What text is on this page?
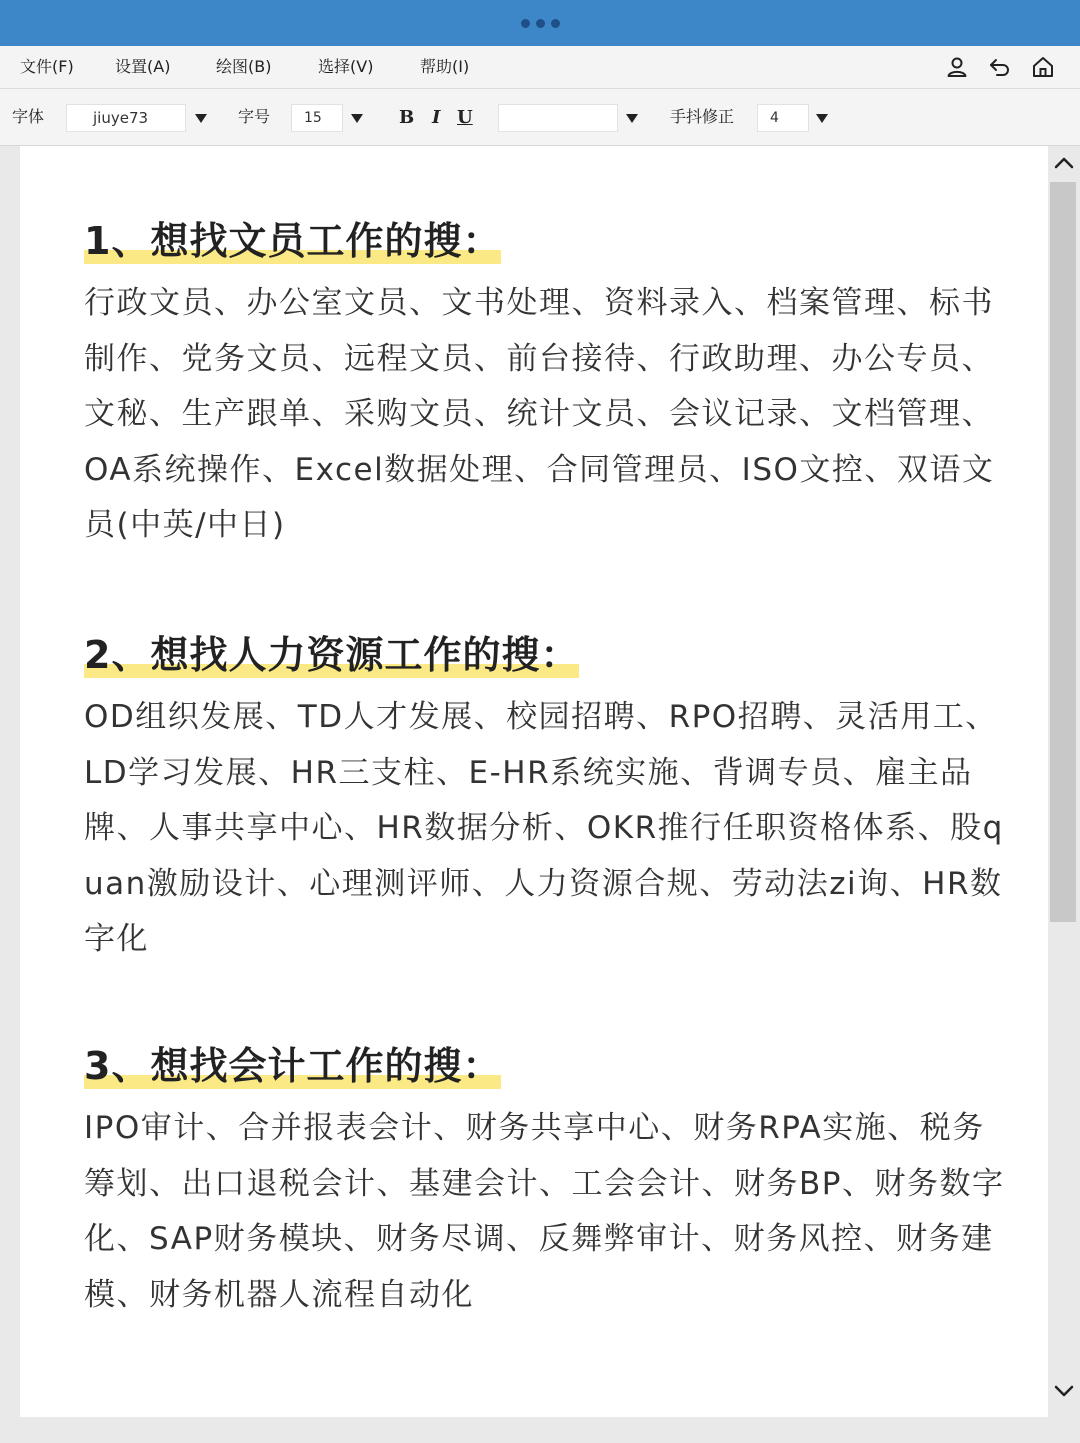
文件(F)	设置(A)	绘图(B)	选择(V)	帮助(I)
字体	jiuye73	字号	15	B I U	手抖修正	4
1、想找文员工作的搜：
行政文员、办公室文员、文书处理、资料录入、档案管理、标书制作、党务文员、远程文员、前台接待、行政助理、办公专员、文秘、生产跟单、采购文员、统计文员、会议记录、文档管理、OA系统操作、Excel数据处理、合同管理员、ISO文控、双语文员(中英/中日)
2、想找人力资源工作的搜：
OD组织发展、TD人才发展、校园招聘、RPO招聘、灵活用工、LD学习发展、HR三支柱、E-HR系统实施、背调专员、雇主品牌、人事共享中心、HR数据分析、OKR推行任职资格体系、股quan激励设计、心理测评师、人力资源合规、劳动法zi询、HR数字化
3、想找会计工作的搜：
IPO审计、合并报表会计、财务共享中心、财务RPA实施、税务筹划、出口退税会计、基建会计、工会会计、财务BP、财务数字化、SAP财务模块、财务尽调、反舞弊审计、财务风控、财务建模、财务机器人流程自动化
